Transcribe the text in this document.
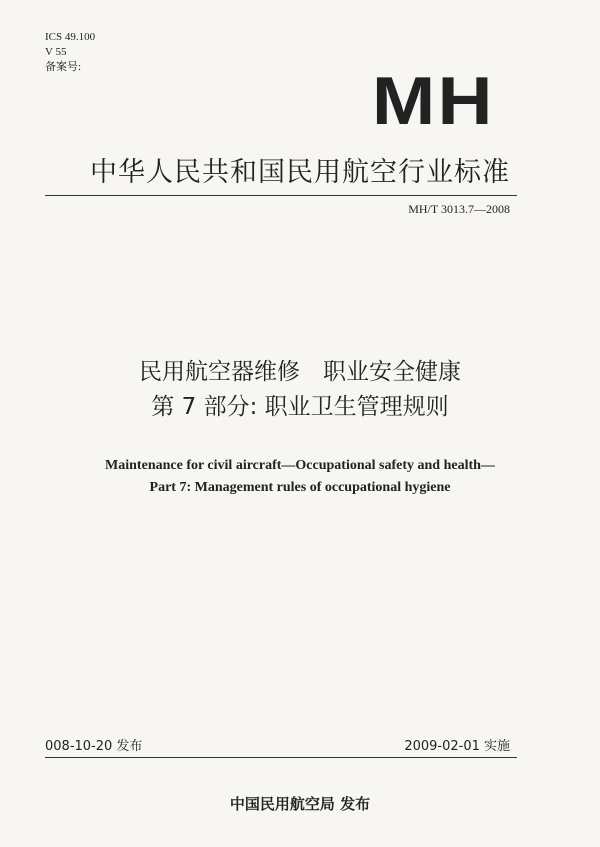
ICS 49.100
V 55
备案号:	MH
中华人民共和国民用航空行业标准
MH/T 3013.7—2008
民用航空器维修　职业安全健康
第 7 部分: 职业卫生管理规则
Maintenance for civil aircraft—Occupational safety and health—
Part 7: Management rules of occupational hygiene
008-10-20 发布	2009-02-01 实施
中国民用航空局 发布
